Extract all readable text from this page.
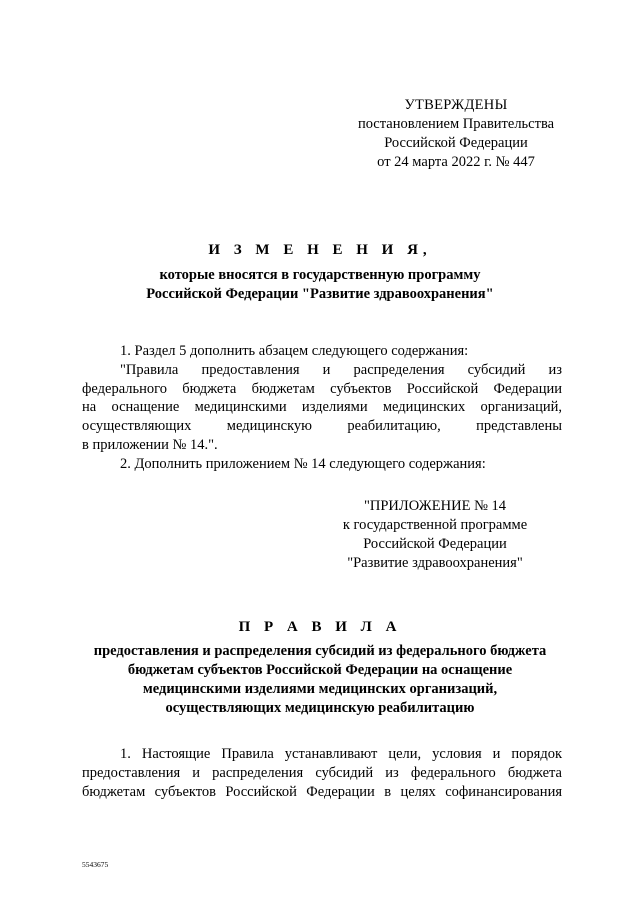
УТВЕРЖДЕНЫ
постановлением Правительства
Российской Федерации
от 24 марта 2022 г. № 447
И З М Е Н Е Н И Я,
которые вносятся в государственную программу
Российской Федерации "Развитие здравоохранения"
1. Раздел 5 дополнить абзацем следующего содержания:
"Правила предоставления и распределения субсидий из
федерального бюджета бюджетам субъектов Российской Федерации
на оснащение медицинскими изделиями медицинских организаций,
осуществляющих медицинскую реабилитацию, представлены
в приложении № 14.".
2. Дополнить приложением № 14 следующего содержания:
"ПРИЛОЖЕНИЕ № 14
к государственной программе
Российской Федерации
"Развитие здравоохранения"
П Р А В И Л А
предоставления и распределения субсидий из федерального бюджета
бюджетам субъектов Российской Федерации на оснащение
медицинскими изделиями медицинских организаций,
осуществляющих медицинскую реабилитацию
1. Настоящие Правила устанавливают цели, условия и порядок
предоставления и распределения субсидий из федерального бюджета
бюджетам субъектов Российской Федерации в целях софинансирования
5543675
